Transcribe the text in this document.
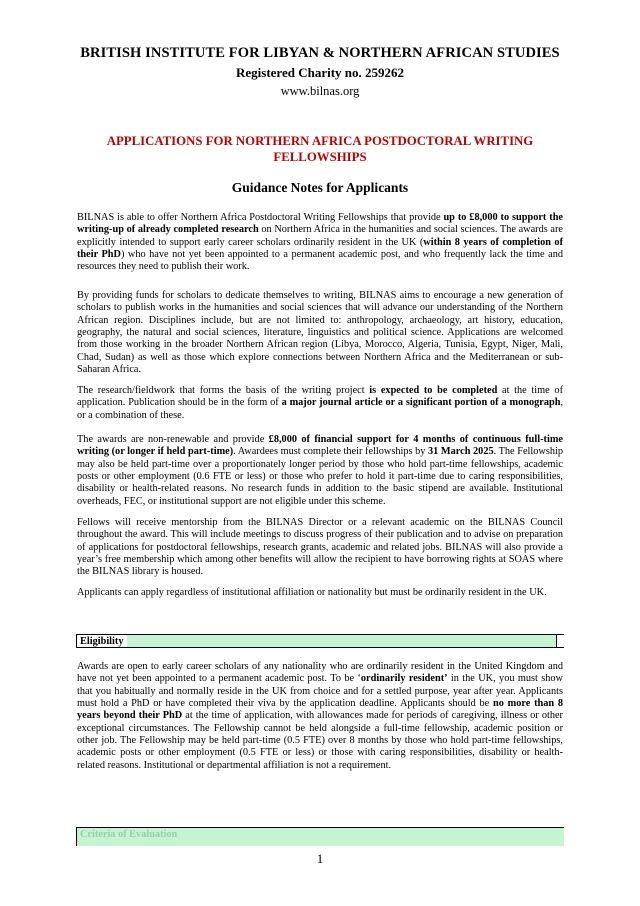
BRITISH INSTITUTE FOR LIBYAN & NORTHERN AFRICAN STUDIES
Registered Charity no. 259262
www.bilnas.org
APPLICATIONS FOR NORTHERN AFRICA POSTDOCTORAL WRITING FELLOWSHIPS
Guidance Notes for Applicants

BILNAS is able to offer Northern Africa Postdoctoral Writing Fellowships that provide up to £8,000 to support the writing-up of already completed research on Northern Africa in the humanities and social sciences. The awards are explicitly intended to support early career scholars ordinarily resident in the UK (within 8 years of completion of their PhD) who have not yet been appointed to a permanent academic post, and who frequently lack the time and resources they need to publish their work.

By providing funds for scholars to dedicate themselves to writing, BILNAS aims to encourage a new generation of scholars to publish works in the humanities and social sciences that will advance our understanding of the Northern African region. Disciplines include, but are not limited to: anthropology, archaeology, art history, education, geography, the natural and social sciences, literature, linguistics and political science. Applications are welcomed from those working in the broader Northern African region (Libya, Morocco, Algeria, Tunisia, Egypt, Niger, Mali, Chad, Sudan) as well as those which explore connections between Northern Africa and the Mediterranean or sub-Saharan Africa.

The research/fieldwork that forms the basis of the writing project is expected to be completed at the time of application. Publication should be in the form of a major journal article or a significant portion of a monograph, or a combination of these.

The awards are non-renewable and provide £8,000 of financial support for 4 months of continuous full-time writing (or longer if held part-time). Awardees must complete their fellowships by 31 March 2025. The Fellowship may also be held part-time over a proportionately longer period by those who hold part-time fellowships, academic posts or other employment (0.6 FTE or less) or those who prefer to hold it part-time due to caring responsibilities, disability or health-related reasons. No research funds in addition to the basic stipend are available. Institutional overheads, FEC, or institutional support are not eligible under this scheme.

Fellows will receive mentorship from the BILNAS Director or a relevant academic on the BILNAS Council throughout the award. This will include meetings to discuss progress of their publication and to advise on preparation of applications for postdoctoral fellowships, research grants, academic and related jobs. BILNAS will also provide a year’s free membership which among other benefits will allow the recipient to have borrowing rights at SOAS where the BILNAS library is housed.

Applicants can apply regardless of institutional affiliation or nationality but must be ordinarily resident in the UK.

Eligibility

Awards are open to early career scholars of any nationality who are ordinarily resident in the United Kingdom and have not yet been appointed to a permanent academic post. To be ‘ordinarily resident’ in the UK, you must show that you habitually and normally reside in the UK from choice and for a settled purpose, year after year. Applicants must hold a PhD or have completed their viva by the application deadline. Applicants should be no more than 8 years beyond their PhD at the time of application, with allowances made for periods of caregiving, illness or other exceptional circumstances. The Fellowship cannot be held alongside a full-time fellowship, academic position or other job. The Fellowship may be held part-time (0.5 FTE) over 8 months by those who hold part-time fellowships, academic posts or other employment (0.5 FTE or less) or those with caring responsibilities, disability or health-related reasons. Institutional or departmental affiliation is not a requirement.

Criteria of Evaluation
1
